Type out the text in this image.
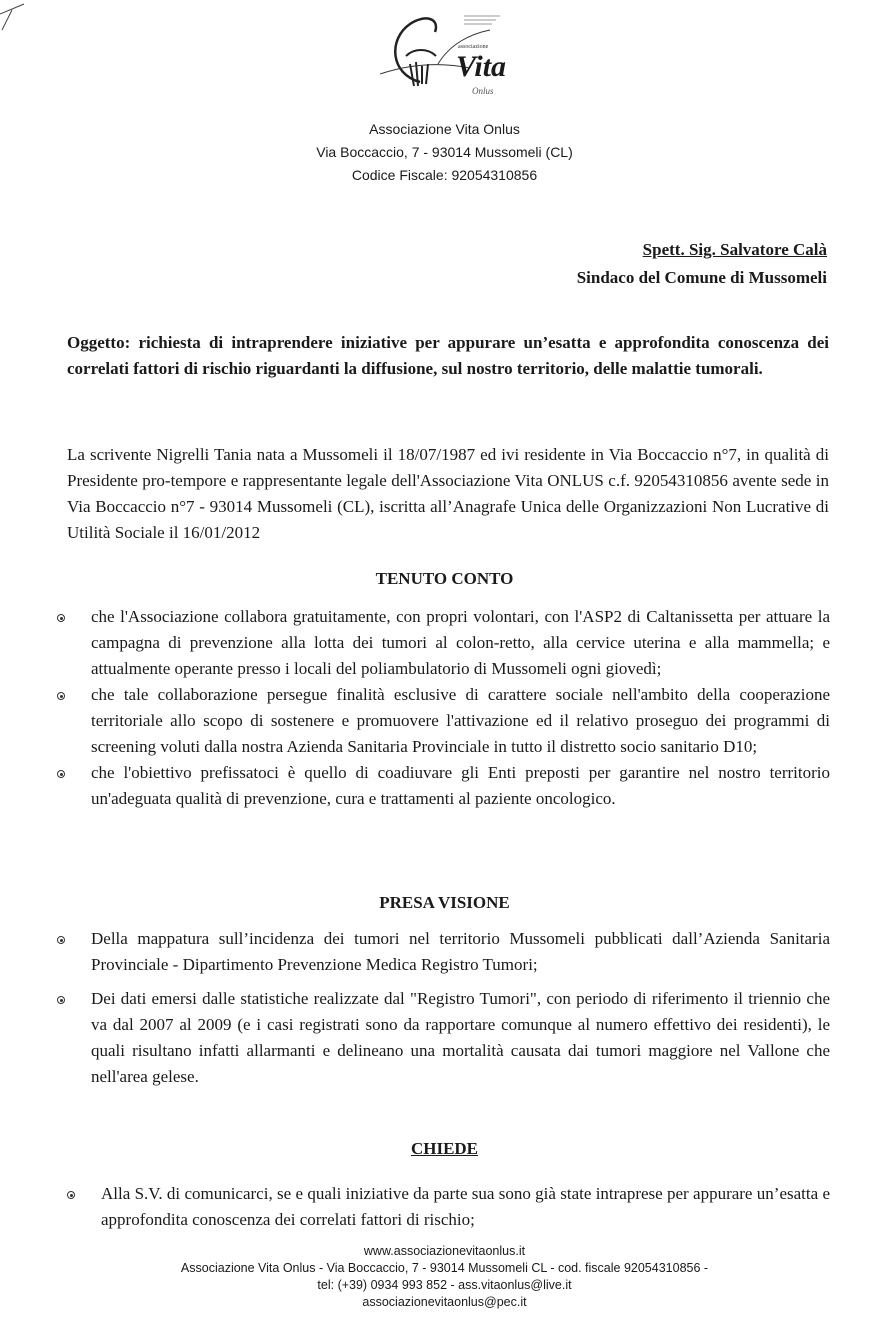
associazione
Vita
Onlus
Associazione Vita Onlus
Via Boccaccio, 7 - 93014 Mussomeli (CL)
Codice Fiscale: 92054310856
Spett. Sig. Salvatore Calà
Sindaco del Comune di Mussomeli
Oggetto: richiesta di intraprendere iniziative per appurare un’esatta e approfondita conoscenza dei correlati fattori di rischio riguardanti la diffusione, sul nostro territorio, delle malattie tumorali.
La scrivente Nigrelli Tania nata a Mussomeli il 18/07/1987 ed ivi residente in Via Boccaccio n°7, in qualità di Presidente pro-tempore e rappresentante legale dell'Associazione Vita ONLUS c.f. 92054310856 avente sede in Via Boccaccio n°7 - 93014 Mussomeli (CL), iscritta all’Anagrafe Unica delle Organizzazioni Non Lucrative di Utilità Sociale il 16/01/2012
TENUTO CONTO
che l'Associazione collabora gratuitamente, con propri volontari, con l'ASP2 di Caltanissetta per attuare la campagna di prevenzione alla lotta dei tumori al colon-retto, alla cervice uterina e alla mammella; e attualmente operante presso i locali del poliambulatorio di Mussomeli ogni giovedì;
che tale collaborazione persegue finalità esclusive di carattere sociale nell'ambito della cooperazione territoriale allo scopo di sostenere e promuovere l'attivazione ed il relativo proseguo dei programmi di screening voluti dalla nostra Azienda Sanitaria Provinciale in tutto il distretto socio sanitario D10;
che l'obiettivo prefissatoci è quello di coadiuvare gli Enti preposti per garantire nel nostro territorio un'adeguata qualità di prevenzione, cura e trattamenti al paziente oncologico.
PRESA VISIONE
Della mappatura sull’incidenza dei tumori nel territorio Mussomeli pubblicati dall’Azienda Sanitaria Provinciale - Dipartimento Prevenzione Medica Registro Tumori;
Dei dati emersi dalle statistiche realizzate dal "Registro Tumori", con periodo di riferimento il triennio che va dal 2007 al 2009 (e i casi registrati sono da rapportare comunque al numero effettivo dei residenti), le quali risultano infatti allarmanti e delineano una mortalità causata dai tumori maggiore nel Vallone che nell'area gelese.
CHIEDE
Alla S.V. di comunicarci, se e quali iniziative da parte sua sono già state intraprese per appurare un’esatta e approfondita conoscenza dei correlati fattori di rischio;
www.associazionevitaonlus.it
Associazione Vita Onlus - Via Boccaccio, 7 - 93014 Mussomeli CL - cod. fiscale 92054310856 -
tel: (+39) 0934 993 852 - ass.vitaonlus@live.it
associazionevitaonlus@pec.it
